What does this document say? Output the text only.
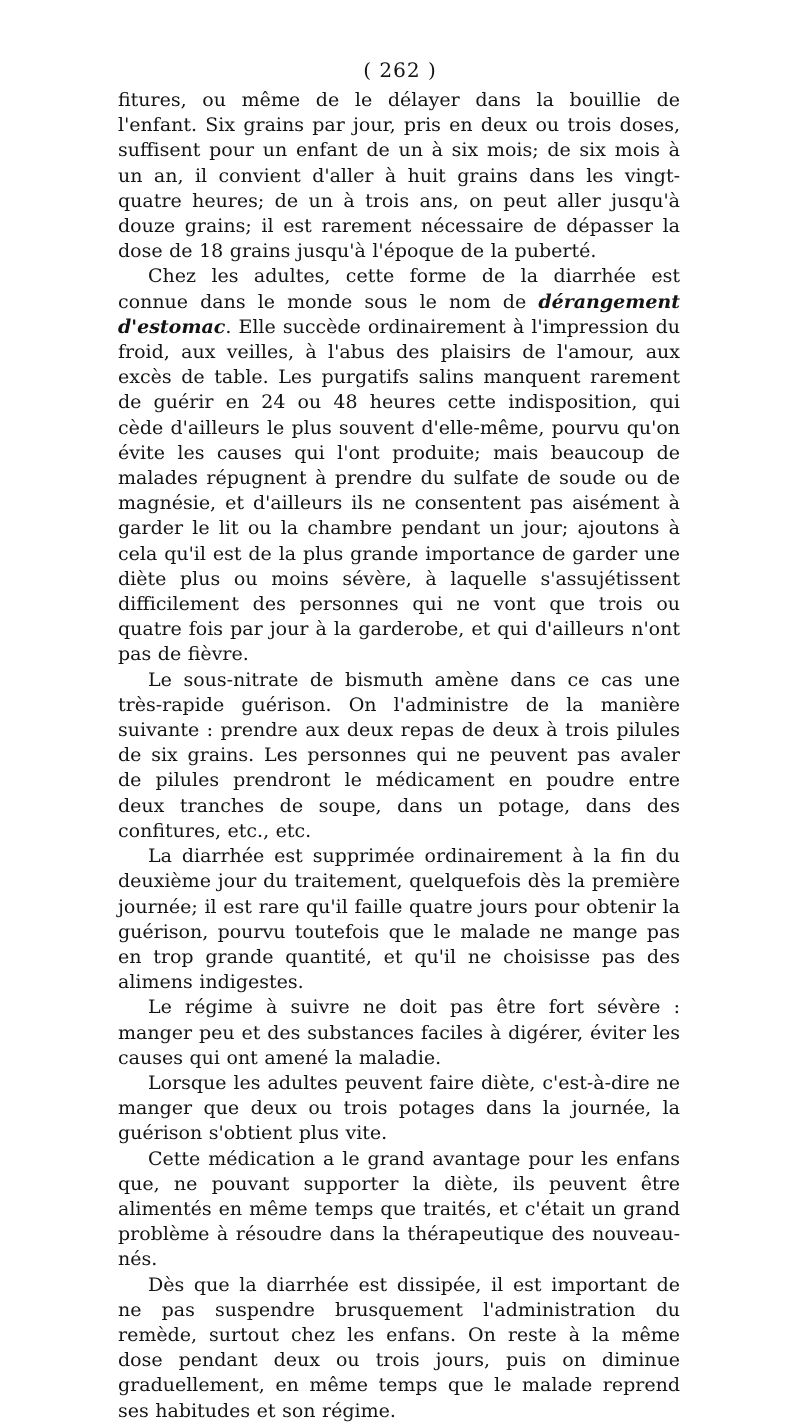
( 262 )

fitures, ou même de le délayer dans la bouillie de l'enfant. Six grains par jour, pris en deux ou trois doses, suffisent pour un enfant de un à six mois; de six mois à un an, il convient d'aller à huit grains dans les vingt-quatre heures; de un à trois ans, on peut aller jusqu'à douze grains; il est rarement nécessaire de dépasser la dose de 18 grains jusqu'à l'époque de la puberté.

Chez les adultes, cette forme de la diarrhée est connue dans le monde sous le nom de dérangement d'estomac. Elle succède ordinairement à l'impression du froid, aux veilles, à l'abus des plaisirs de l'amour, aux excès de table. Les purgatifs salins manquent rarement de guérir en 24 ou 48 heures cette indisposition, qui cède d'ailleurs le plus souvent d'elle-même, pourvu qu'on évite les causes qui l'ont produite; mais beaucoup de malades répugnent à prendre du sulfate de soude ou de magnésie, et d'ailleurs ils ne consentent pas aisément à garder le lit ou la chambre pendant un jour; ajoutons à cela qu'il est de la plus grande importance de garder une diète plus ou moins sévère, à laquelle s'assujétissent difficilement des personnes qui ne vont que trois ou quatre fois par jour à la garderobe, et qui d'ailleurs n'ont pas de fièvre.

Le sous-nitrate de bismuth amène dans ce cas une très-rapide guérison. On l'administre de la manière suivante : prendre aux deux repas de deux à trois pilules de six grains. Les personnes qui ne peuvent pas avaler de pilules prendront le médicament en poudre entre deux tranches de soupe, dans un potage, dans des confitures, etc., etc.

La diarrhée est supprimée ordinairement à la fin du deuxième jour du traitement, quelquefois dès la première journée; il est rare qu'il faille quatre jours pour obtenir la guérison, pourvu toutefois que le malade ne mange pas en trop grande quantité, et qu'il ne choisisse pas des alimens indigestes.

Le régime à suivre ne doit pas être fort sévère : manger peu et des substances faciles à digérer, éviter les causes qui ont amené la maladie.

Lorsque les adultes peuvent faire diète, c'est-à-dire ne manger que deux ou trois potages dans la journée, la guérison s'obtient plus vite.

Cette médication a le grand avantage pour les enfans que, ne pouvant supporter la diète, ils peuvent être alimentés en même temps que traités, et c'était un grand problème à résoudre dans la thérapeutique des nouveau-nés.

Dès que la diarrhée est dissipée, il est important de ne pas suspendre brusquement l'administration du remède, surtout chez les enfans. On reste à la même dose pendant deux ou trois jours, puis on diminue graduellement, en même temps que le malade reprend ses habitudes et son régime.
